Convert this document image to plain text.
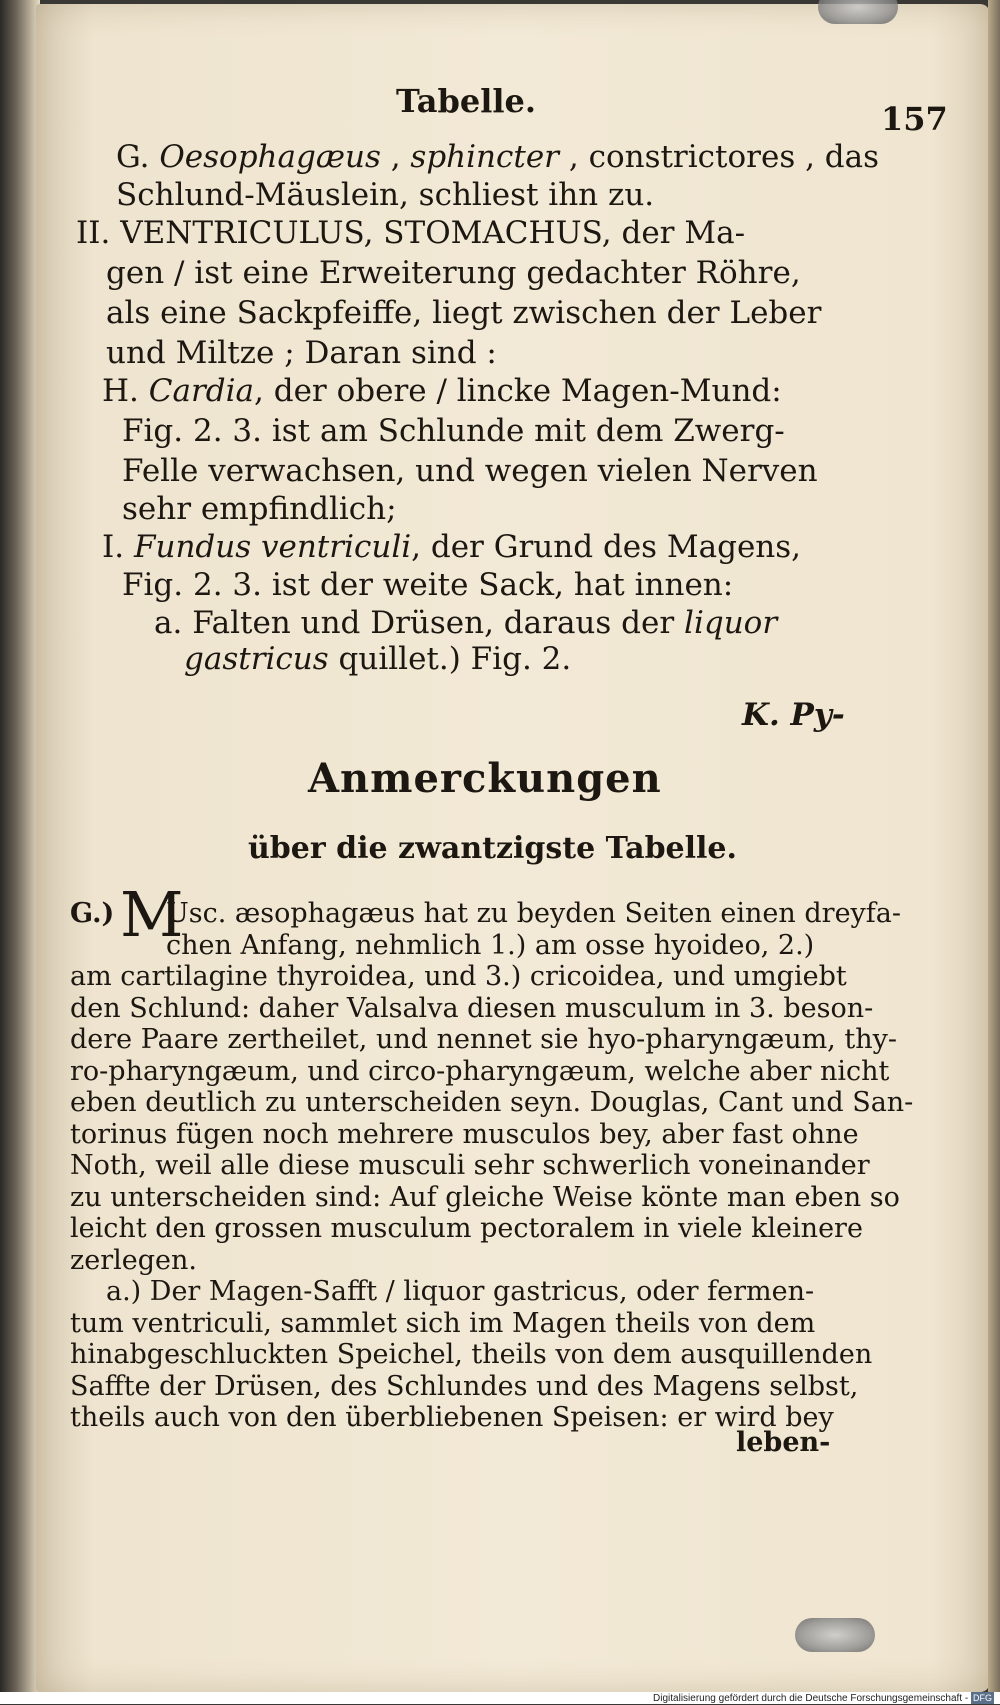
Tabelle.	157
G. Oesophagæus , sphincter , constrictores , das
Schlund-Mäuslein, schliest ihn zu.
II. VENTRICULUS, STOMACHUS, der Ma-
gen / ist eine Erweiterung gedachter Röhre,
als eine Sackpfeiffe, liegt zwischen der Leber
und Miltze ; Daran sind :
H. Cardia, der obere / lincke Magen-Mund:
Fig. 2. 3. ist am Schlunde mit dem Zwerg-
Felle verwachsen, und wegen vielen Nerven
sehr empfindlich;
I. Fundus ventriculi, der Grund des Magens,
Fig. 2. 3. ist der weite Sack, hat innen:
a. Falten und Drüsen, daraus der liquor
gastricus quillet.) Fig. 2.
K. Py-
Anmerckungen
über die zwantzigste Tabelle.
G.) M
Usc. æsophagæus hat zu beyden Seiten einen dreyfa-
chen Anfang, nehmlich 1.) am osse hyoideo, 2.)
am cartilagine thyroidea, und 3.) cricoidea, und umgiebt
den Schlund: daher Valsalva diesen musculum in 3. beson-
dere Paare zertheilet, und nennet sie hyo-pharyngæum, thy-
ro-pharyngæum, und circo-pharyngæum, welche aber nicht
eben deutlich zu unterscheiden seyn. Douglas, Cant und San-
torinus fügen noch mehrere musculos bey, aber fast ohne
Noth, weil alle diese musculi sehr schwerlich voneinander
zu unterscheiden sind: Auf gleiche Weise könte man eben so
leicht den grossen musculum pectoralem in viele kleinere
zerlegen.
a.) Der Magen-Safft / liquor gastricus, oder fermen-
tum ventriculi, sammlet sich im Magen theils von dem
hinabgeschluckten Speichel, theils von dem ausquillenden
Saffte der Drüsen, des Schlundes und des Magens selbst,
theils auch von den überbliebenen Speisen: er wird bey
leben-
Digitalisierung gefördert durch die Deutsche Forschungsgemeinschaft - DFG
